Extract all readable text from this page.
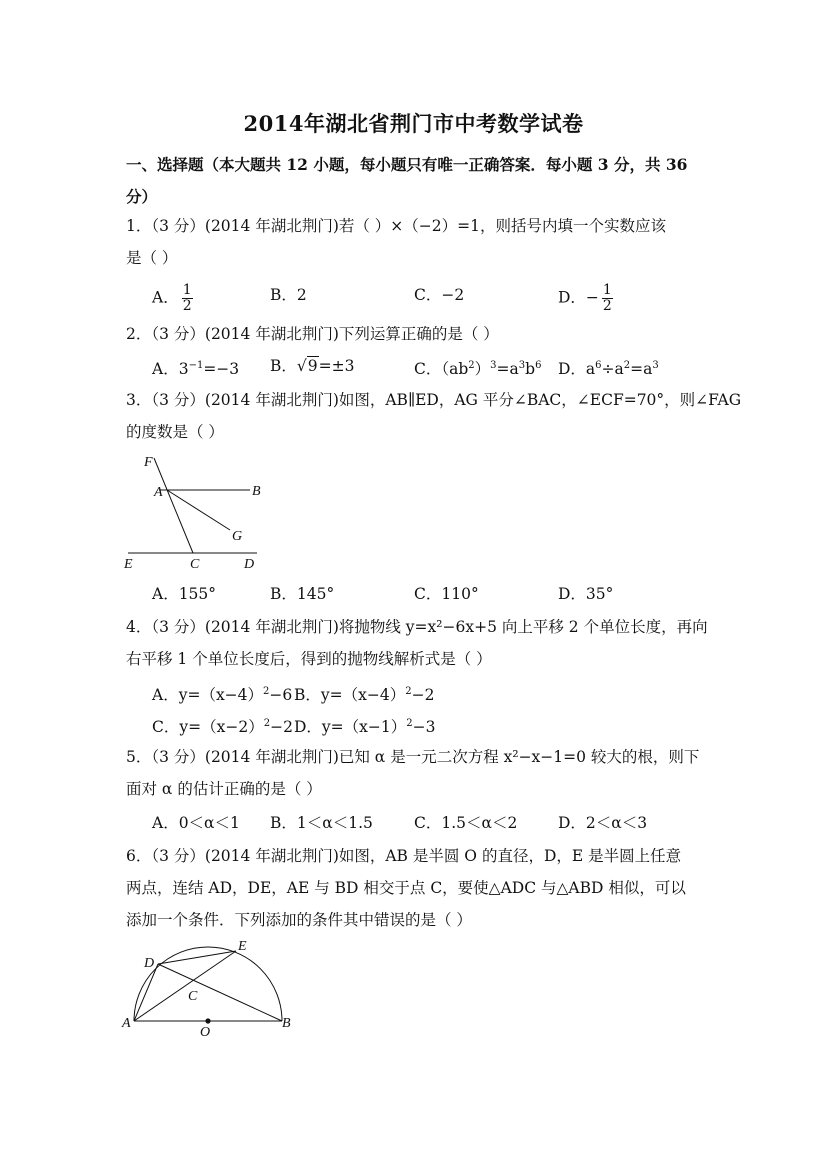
2014年湖北省荆门市中考数学试卷
一、选择题（本大题共 12 小题，每小题只有唯一正确答案．每小题 3 分，共 36
分）
1．（3 分）(2014 年湖北荆门)若（ ）×（−2）=1，则括号内填一个实数应该
是（ ）
A． $\frac{1}{2}$	B．2	C．−2	D．− $\frac{1}{2}$
2．（3 分）(2014 年湖北荆门)下列运算正确的是（ ）
A．$3^{-1}=-3$ B．√9=±3	C．$(ab^2)^3=a^3b^6$ D．$a^6\div a^2=a^3$
3．（3 分）(2014 年湖北荆门)如图，AB∥ED，AG 平分∠BAC，∠ECF=70°，则∠FAG
的度数是（ ）
F
A	B
G
E	C	D
A．155°	B．145°	C．110°	D．35°
4．（3 分）(2014 年湖北荆门)将抛物线 y=x²−6x+5 向上平移 2 个单位长度，再向
右平移 1 个单位长度后，得到的抛物线解析式是（ ）
A．$y=(x-4)^2-6$ B．$y=(x-4)^2-2$
C．$y=(x-2)^2-2$ D．$y=(x-1)^2-3$
5．（3 分）(2014 年湖北荆门)已知 α 是一元二次方程 x²−x−1=0 较大的根，则下
面对 α 的估计正确的是（ ）
A．0＜α＜1 B．1＜α＜1.5	C．1.5＜α＜2	D．2＜α＜3
6．（3 分）(2014 年湖北荆门)如图，AB 是半圆 O 的直径，D，E 是半圆上任意
两点，连结 AD，DE，AE 与 BD 相交于点 C，要使△ADC 与△ABD 相似，可以
添加一个条件．下列添加的条件其中错误的是（ ）
D
E
C
A
O
B
